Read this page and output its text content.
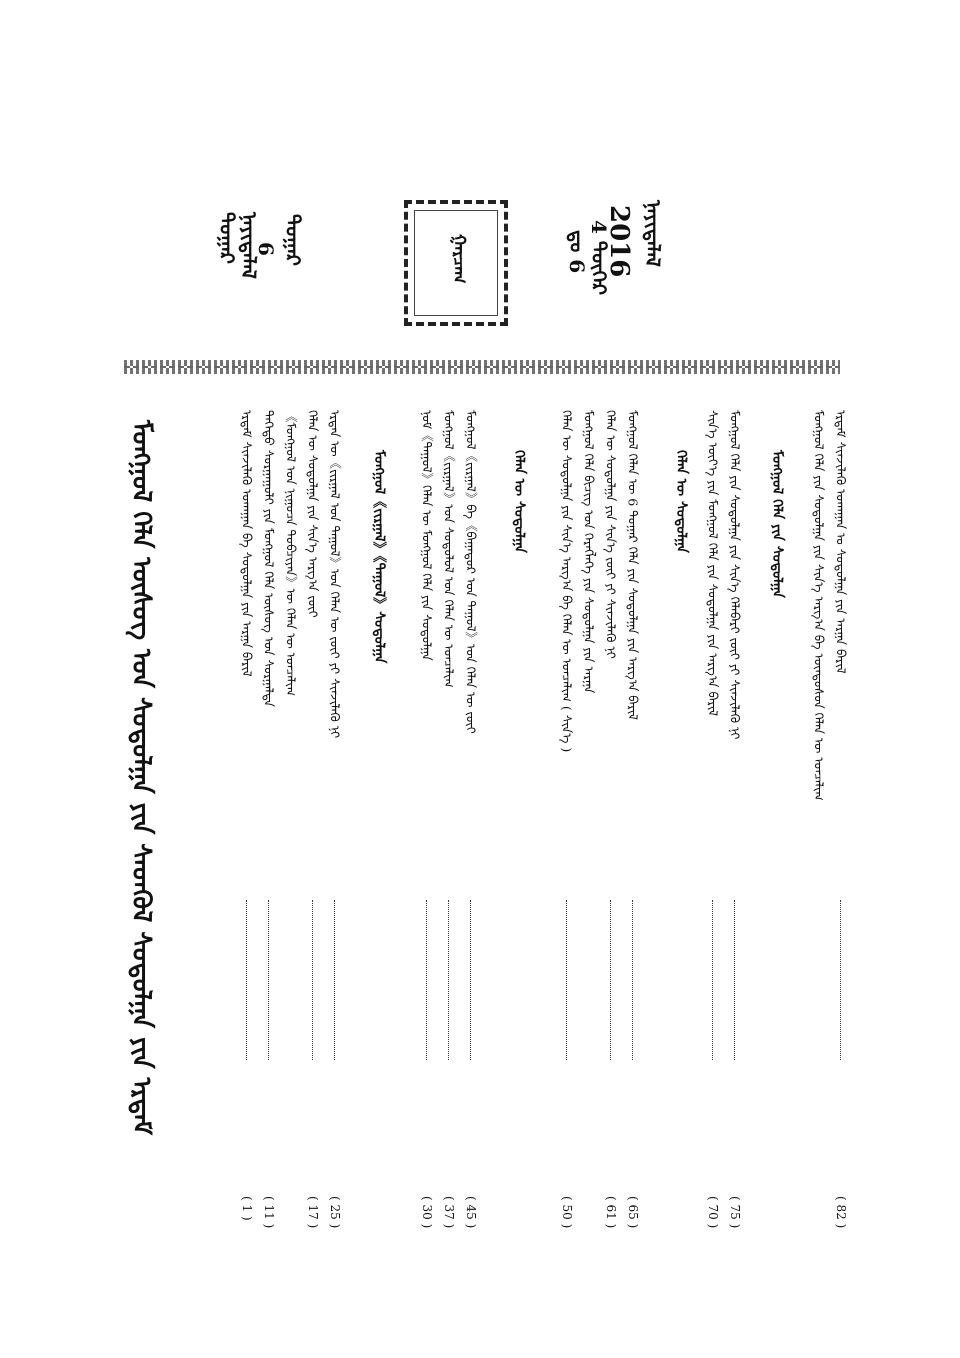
2016
4 ᠳᠦᠭᠡᠷ
ᠳᠤ 6	ᠨᠡᠶᠢᠲᠡᠯᠡᠯ
ᠳᠤᠭᠠᠷ
6
ᠨᠡᠶᠢᠲᠡᠯᠡᠯ
ᠳᠤᠭᠠᠷ	ᠭᠠᠷᠴᠠᠭ
ᠮᠣᠩᠭᠣᠯ ᠬᠡᠯᠡ ᠦᠰᠦᠭ ᠤᠨ ᠰᠤᠳᠤᠯᠭᠠ ᠶᠢᠨ ᠰᠡᠳᠭᠦᠯ ᠰᠤᠳᠤᠯᠭᠠ ᠶᠢᠨ ᠡᠷᠳᠡᠮ	ᠡᠷᠳᠡᠮ ᠰᠢᠨᠵᠢᠯᠡᠬᠦ ᠤᠬᠠᠭᠠᠨ ᠪᠠ ᠰᠤᠳᠤᠯᠭᠠ ᠶᠢᠨ ᠠᠷᠭᠠ ᠪᠠᠷᠢᠯ
( 1 )
ᠳᠡᠭᠡᠳᠦ ᠰᠤᠷᠭᠠᠭᠤᠯᠢ ᠶᠢᠨ ᠮᠣᠩᠭᠣᠯ ᠬᠡᠯᠡ ᠦᠰᠦᠭ ᠤᠨ ᠰᠤᠷᠭᠠᠯᠳᠠ
( 11 )
《ᠮᠣᠩᠭᠣᠯ ᠤᠨ ᠨᠢᠭᠤᠴᠠ ᠲᠣᠪᠴᠢᠶᠠᠨ》ᠦ ᠬᠡᠯᠡᠨ ᠦ ᠣᠨᠴᠠᠯᠢᠭ ᠬᠡᠯᠡᠨ ᠦ ᠰᠤᠳᠤᠯᠭᠠ ᠶᠢᠨ ᠰᠢᠨ᠎ᠡ ᠠᠷᠭ᠎ᠠ ᠵᠦᠢ
( 17 )
ᠡᠷᠲᠡᠨ ᠦ《ᠵᠢᠷᠭᠠᠯ ᠤᠨ ᠳᠠᠭᠤᠯ》ᠤᠨ ᠬᠡᠯᠡᠨ ᠦ ᠵᠦᠢ ᠶᠢ ᠰᠢᠨᠵᠢᠯᠡᠬᠦ ᠨᠢ
( 25 )
ᠮᠣᠩᠭᠣᠯ《ᠵᠢᠷᠭᠠᠯ》《ᠳᠠᠭᠤᠯ》ᠰᠤᠳᠤᠯᠭᠠ	ᠨᠣᠮ《ᠳᠠᠭᠤᠯ》ᠬᠡᠯᠡᠨ ᠦ ᠮᠣᠩᠭᠣᠯ ᠬᠡᠯᠡ ᠶᠢᠨ ᠰᠤᠳᠤᠯᠭᠠ
( 30 )
ᠮᠣᠩᠭᠣᠯ《ᠵᠢᠷᠭᠠᠯ》ᠤᠨ ᠰᠤᠳᠤᠯᠤᠯ ᠤᠨ ᠬᠡᠯᠡᠨ ᠦ ᠣᠨᠴᠠᠯᠢᠭ
( 37 )
ᠮᠣᠩᠭᠣᠯ《ᠵᠢᠷᠭᠠᠯ》ᠪᠠ《ᠪᠠᠭᠠᠲᠤᠷ ᠤᠨ ᠳᠠᠭᠤᠯ》ᠤᠨ ᠬᠡᠯᠡᠨ ᠦ ᠵᠦᠢ
( 45 )
ᠬᠡᠯᠡᠨ ᠦ ᠰᠤᠳᠤᠯᠭᠠ	ᠬᠡᠯᠡᠨ ᠦ ᠰᠤᠳᠤᠯᠭᠠ ᠶᠢᠨ ᠰᠢᠨ᠎ᠡ ᠠᠷᠭ᠎ᠠ ᠪᠠ ᠬᠡᠯᠡᠨ ᠦ ᠣᠨᠴᠠᠯᠢᠭ ( ᠰᠢᠨ᠎ᠡ )
( 50 )
ᠮᠣᠩᠭᠣᠯ ᠬᠡᠯᠡ ᠪᠢᠴᠢᠭ ᠤᠨ ᠬᠡᠷᠡᠭᠯᠡᠭᠡ ᠶᠢᠨ ᠰᠤᠳᠤᠯᠭᠠ ᠶᠢᠨ ᠠᠷᠭᠠ ᠬᠡᠯᠡᠨ ᠦ ᠰᠤᠳᠤᠯᠭᠠ ᠶᠢᠨ ᠰᠢᠨ᠎ᠡ ᠵᠦᠢ ᠶᠢ ᠰᠢᠨᠵᠢᠯᠡᠬᠦ ᠨᠢ
( 61 )
ᠮᠣᠩᠭᠣᠯ ᠬᠡᠯᠡᠨ ᠦ 6 ᠳᠤᠭᠠᠷ ᠬᠡᠯᠡ ᠶᠢᠨ ᠰᠤᠳᠤᠯᠭᠠ ᠶᠢᠨ ᠠᠷᠭ᠎ᠠ ᠪᠠᠷᠢᠯ
( 65 )
ᠬᠡᠯᠡᠨ ᠦ ᠰᠤᠳᠤᠯᠭᠠ ᠰᠢᠨ᠎ᠡ ᠦᠶ᠎ᠡ ᠶᠢᠨ ᠮᠣᠩᠭᠣᠯ ᠬᠡᠯᠡ ᠶᠢᠨ ᠰᠤᠳᠤᠯᠭᠠ ᠶᠢᠨ ᠠᠷᠭ᠎ᠠ ᠪᠠᠷᠢᠯ
( 70 )
ᠮᠣᠩᠭᠣᠯ ᠬᠡᠯᠡ ᠶᠢᠨ ᠰᠤᠳᠤᠯᠭᠠ ᠶᠢᠨ ᠰᠢᠨ᠎ᠡ ᠬᠡᠯᠡᠪᠡᠷᠢ ᠵᠦᠢ ᠶᠢ ᠰᠢᠨᠵᠢᠯᠡᠬᠦ ᠨᠢ
( 75 )
ᠮᠣᠩᠭᠣᠯ ᠬᠡᠯᠡ ᠶᠢᠨ ᠰᠤᠳᠤᠯᠭᠠ ᠮᠣᠩᠭᠣᠯ ᠬᠡᠯᠡ ᠶᠢᠨ ᠰᠤᠳᠤᠯᠭᠠ ᠶᠢᠨ ᠰᠢᠨ᠎ᠡ ᠠᠷᠭ᠎ᠠ ᠪᠠ ᠦᠨᠳᠦᠰᠦᠨ ᠬᠡᠯᠡᠨ ᠦ ᠣᠨᠴᠠᠯᠢᠭ ᠡᠷᠳᠡᠮ ᠰᠢᠨᠵᠢᠯᠡᠬᠦ ᠤᠬᠠᠭᠠᠨ ᠤ ᠰᠤᠳᠤᠯᠭᠠ ᠶᠢᠨ ᠠᠷᠭᠠ ᠪᠠᠷᠢᠯ
( 82 )
